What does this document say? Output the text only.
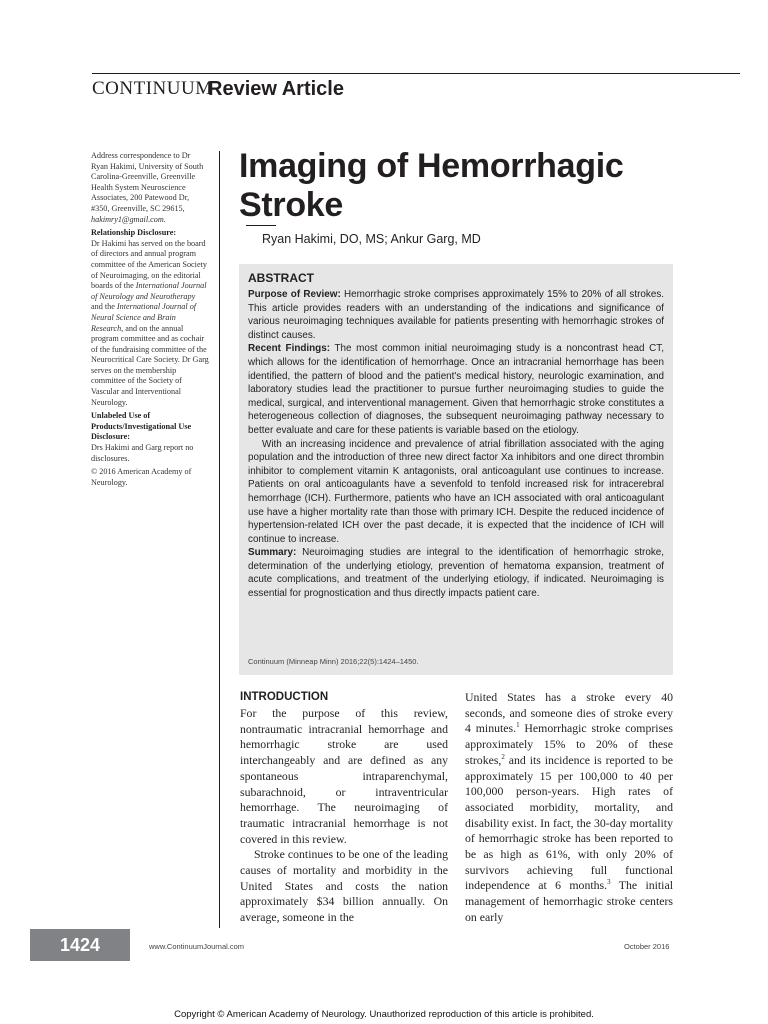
CONTINUUM
Review Article

Address correspondence to Dr Ryan Hakimi, University of South Carolina-Greenville, Greenville Health System Neuroscience Associates, 200 Patewood Dr, #350, Greenville, SC 29615, hakimry1@gmail.com.

Relationship Disclosure:

Dr Hakimi has served on the board of directors and annual program committee of the American Society of Neuroimaging, on the editorial boards of the International Journal of Neurology and Neurotherapy and the International Journal of Neural Science and Brain Research, and on the annual program committee and as cochair of the fundraising committee of the Neurocritical Care Society. Dr Garg serves on the membership committee of the Society of Vascular and Interventional Neurology.

Unlabeled Use of Products/Investigational Use Disclosure:

Drs Hakimi and Garg report no disclosures.

© 2016 American Academy of Neurology.

Imaging of Hemorrhagic Stroke
Ryan Hakimi, DO, MS; Ankur Garg, MD

ABSTRACT

Purpose of Review: Hemorrhagic stroke comprises approximately 15% to 20% of all strokes. This article provides readers with an understanding of the indications and significance of various neuroimaging techniques available for patients presenting with hemorrhagic strokes of distinct causes.

Recent Findings: The most common initial neuroimaging study is a noncontrast head CT, which allows for the identification of hemorrhage. Once an intracranial hemorrhage has been identified, the pattern of blood and the patient's medical history, neurologic examination, and laboratory studies lead the practitioner to pursue further neuroimaging studies to guide the medical, surgical, and interventional management. Given that hemorrhagic stroke constitutes a heterogeneous collection of diagnoses, the subsequent neuroimaging pathway necessary to better evaluate and care for these patients is variable based on the etiology.

With an increasing incidence and prevalence of atrial fibrillation associated with the aging population and the introduction of three new direct factor Xa inhibitors and one direct thrombin inhibitor to complement vitamin K antagonists, oral anticoagulant use continues to increase. Patients on oral anticoagulants have a sevenfold to tenfold increased risk for intracerebral hemorrhage (ICH). Furthermore, patients who have an ICH associated with oral anticoagulant use have a higher mortality rate than those with primary ICH. Despite the reduced incidence of hypertension-related ICH over the past decade, it is expected that the incidence of ICH will continue to increase.

Summary: Neuroimaging studies are integral to the identification of hemorrhagic stroke, determination of the underlying etiology, prevention of hematoma expansion, treatment of acute complications, and treatment of the underlying etiology, if indicated. Neuroimaging is essential for prognostication and thus directly impacts patient care.

Continuum (Minneap Minn) 2016;22(5):1424–1450.

INTRODUCTION

For the purpose of this review, nontraumatic intracranial hemorrhage and hemorrhagic stroke are used interchangeably and are defined as any spontaneous intraparenchymal, subarachnoid, or intraventricular hemorrhage. The neuroimaging of traumatic intracranial hemorrhage is not covered in this review.

Stroke continues to be one of the leading causes of mortality and morbidity in the United States and costs the nation approximately $34 billion annually. On average, someone in the

United States has a stroke every 40 seconds, and someone dies of stroke every 4 minutes.$^1$ Hemorrhagic stroke comprises approximately 15% to 20% of these strokes,$^2$ and its incidence is reported to be approximately 15 per 100,000 to 40 per 100,000 person-years. High rates of associated morbidity, mortality, and disability exist. In fact, the 30-day mortality of hemorrhagic stroke has been reported to be as high as 61%, with only 20% of survivors achieving full functional independence at 6 months.$^3$ The initial management of hemorrhagic stroke centers on early

1424	www.ContinuumJournal.com	October 2016
Copyright © American Academy of Neurology. Unauthorized reproduction of this article is prohibited.
